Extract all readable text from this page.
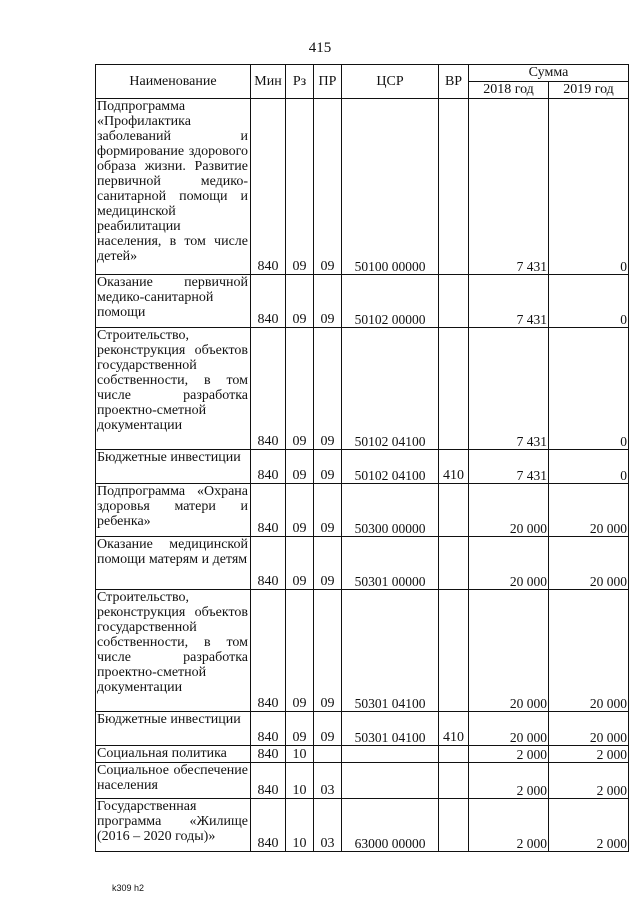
415
Наименование	Мин	Рз	ПР	ЦСР	ВР	Сумма	
						2018 год	2019 год
Подпрограмма «Профилактика заболеваний и формирование здорового образа жизни. Развитие первичной медико-санитарной помощи и медицинской реабилитации населения, в том числе детей»	840	09	09	50100 00000		7 431	0
Оказание первичной медико-санитарной помощи	840	09	09	50102 00000		7 431	0
Строительство, реконструкция объектов государственной собственности, в том числе разработка проектно-сметной документации	840	09	09	50102 04100		7 431	0
Бюджетные инвестиции	840	09	09	50102 04100	410	7 431	0
Подпрограмма «Охрана здоровья матери и ребенка»	840	09	09	50300 00000		20 000	20 000
Оказание медицинской помощи матерям и детям	840	09	09	50301 00000		20 000	20 000
Строительство, реконструкция объектов государственной собственности, в том числе разработка проектно-сметной документации	840	09	09	50301 04100		20 000	20 000
Бюджетные инвестиции	840	09	09	50301 04100	410	20 000	20 000
Социальная политика	840	10				2 000	2 000
Социальное обеспечение населения	840	10	03			2 000	2 000
Государственная программа «Жилище (2016 – 2020 годы)»	840	10	03	63000 00000		2 000	2 000
k309 h2
